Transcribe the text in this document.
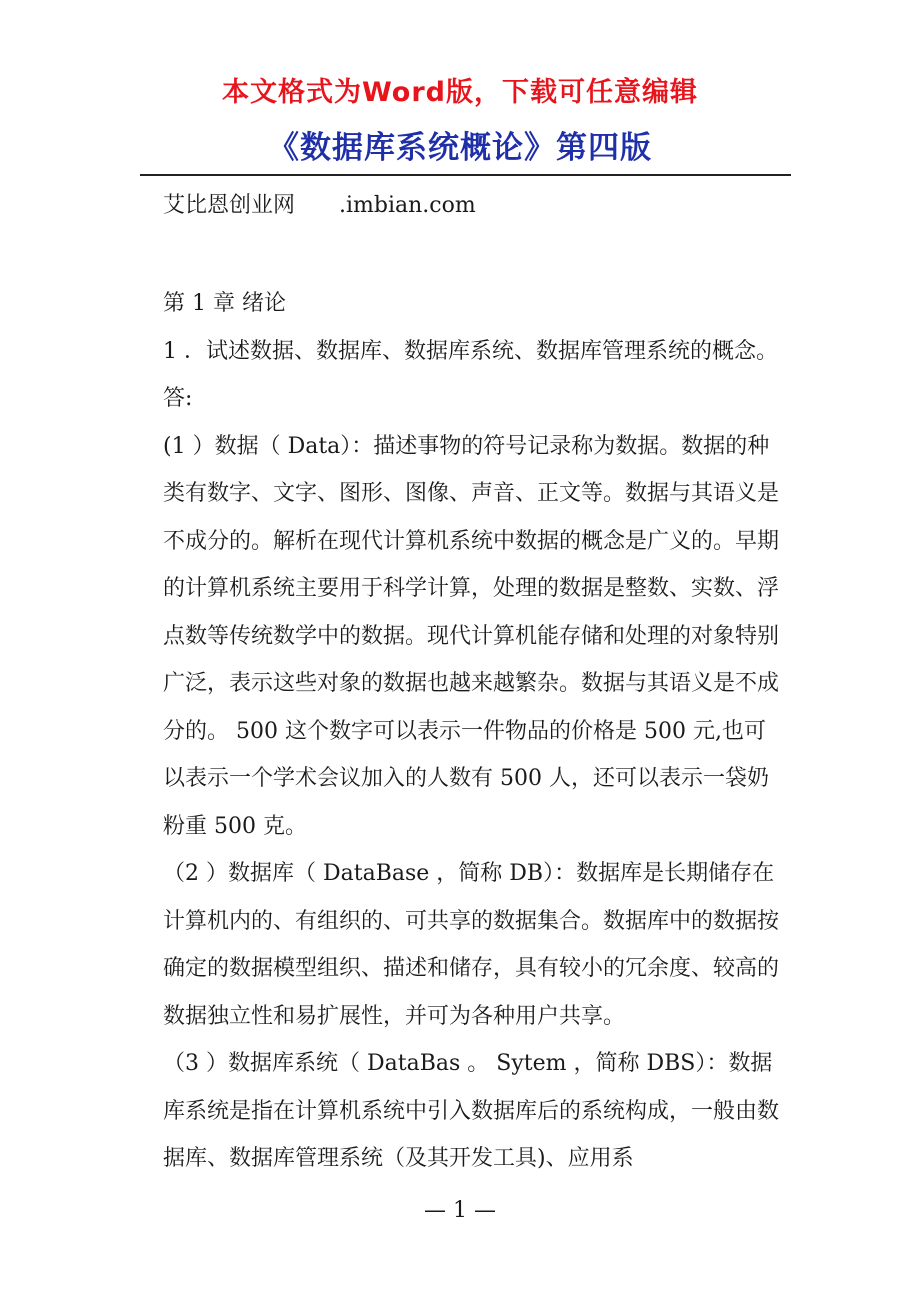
本文格式为Word版，下载可任意编辑
《数据库系统概论》第四版
艾比恩创业网　　.imbian.com

第 1 章 绪论

1 ．试述数据、数据库、数据库系统、数据库管理系统的概念。 答:

(1 ）数据（ Data）：描述事物的符号记录称为数据。数据的种类有数字、文字、图形、图像、声音、正文等。数据与其语义是不成分的。解析在现代计算机系统中数据的概念是广义的。早期的计算机系统主要用于科学计算，处理的数据是整数、实数、浮点数等传统数学中的数据。现代计算机能存储和处理的对象特别广泛，表示这些对象的数据也越来越繁杂。数据与其语义是不成分的。 500 这个数字可以表示一件物品的价格是 500 元,也可以表示一个学术会议加入的人数有 500 人，还可以表示一袋奶粉重 500 克。

（2 ）数据库（ DataBase ，简称 DB）：数据库是长期储存在计算机内的、有组织的、可共享的数据集合。数据库中的数据按确定的数据模型组织、描述和储存，具有较小的冗余度、较高的数据独立性和易扩展性，并可为各种用户共享。

（3 ）数据库系统（ DataBas 。 Sytem ，简称 DBS）：数据库系统是指在计算机系统中引入数据库后的系统构成，一般由数据库、数据库管理系统（及其开发工具)、应用系

— 1 —
